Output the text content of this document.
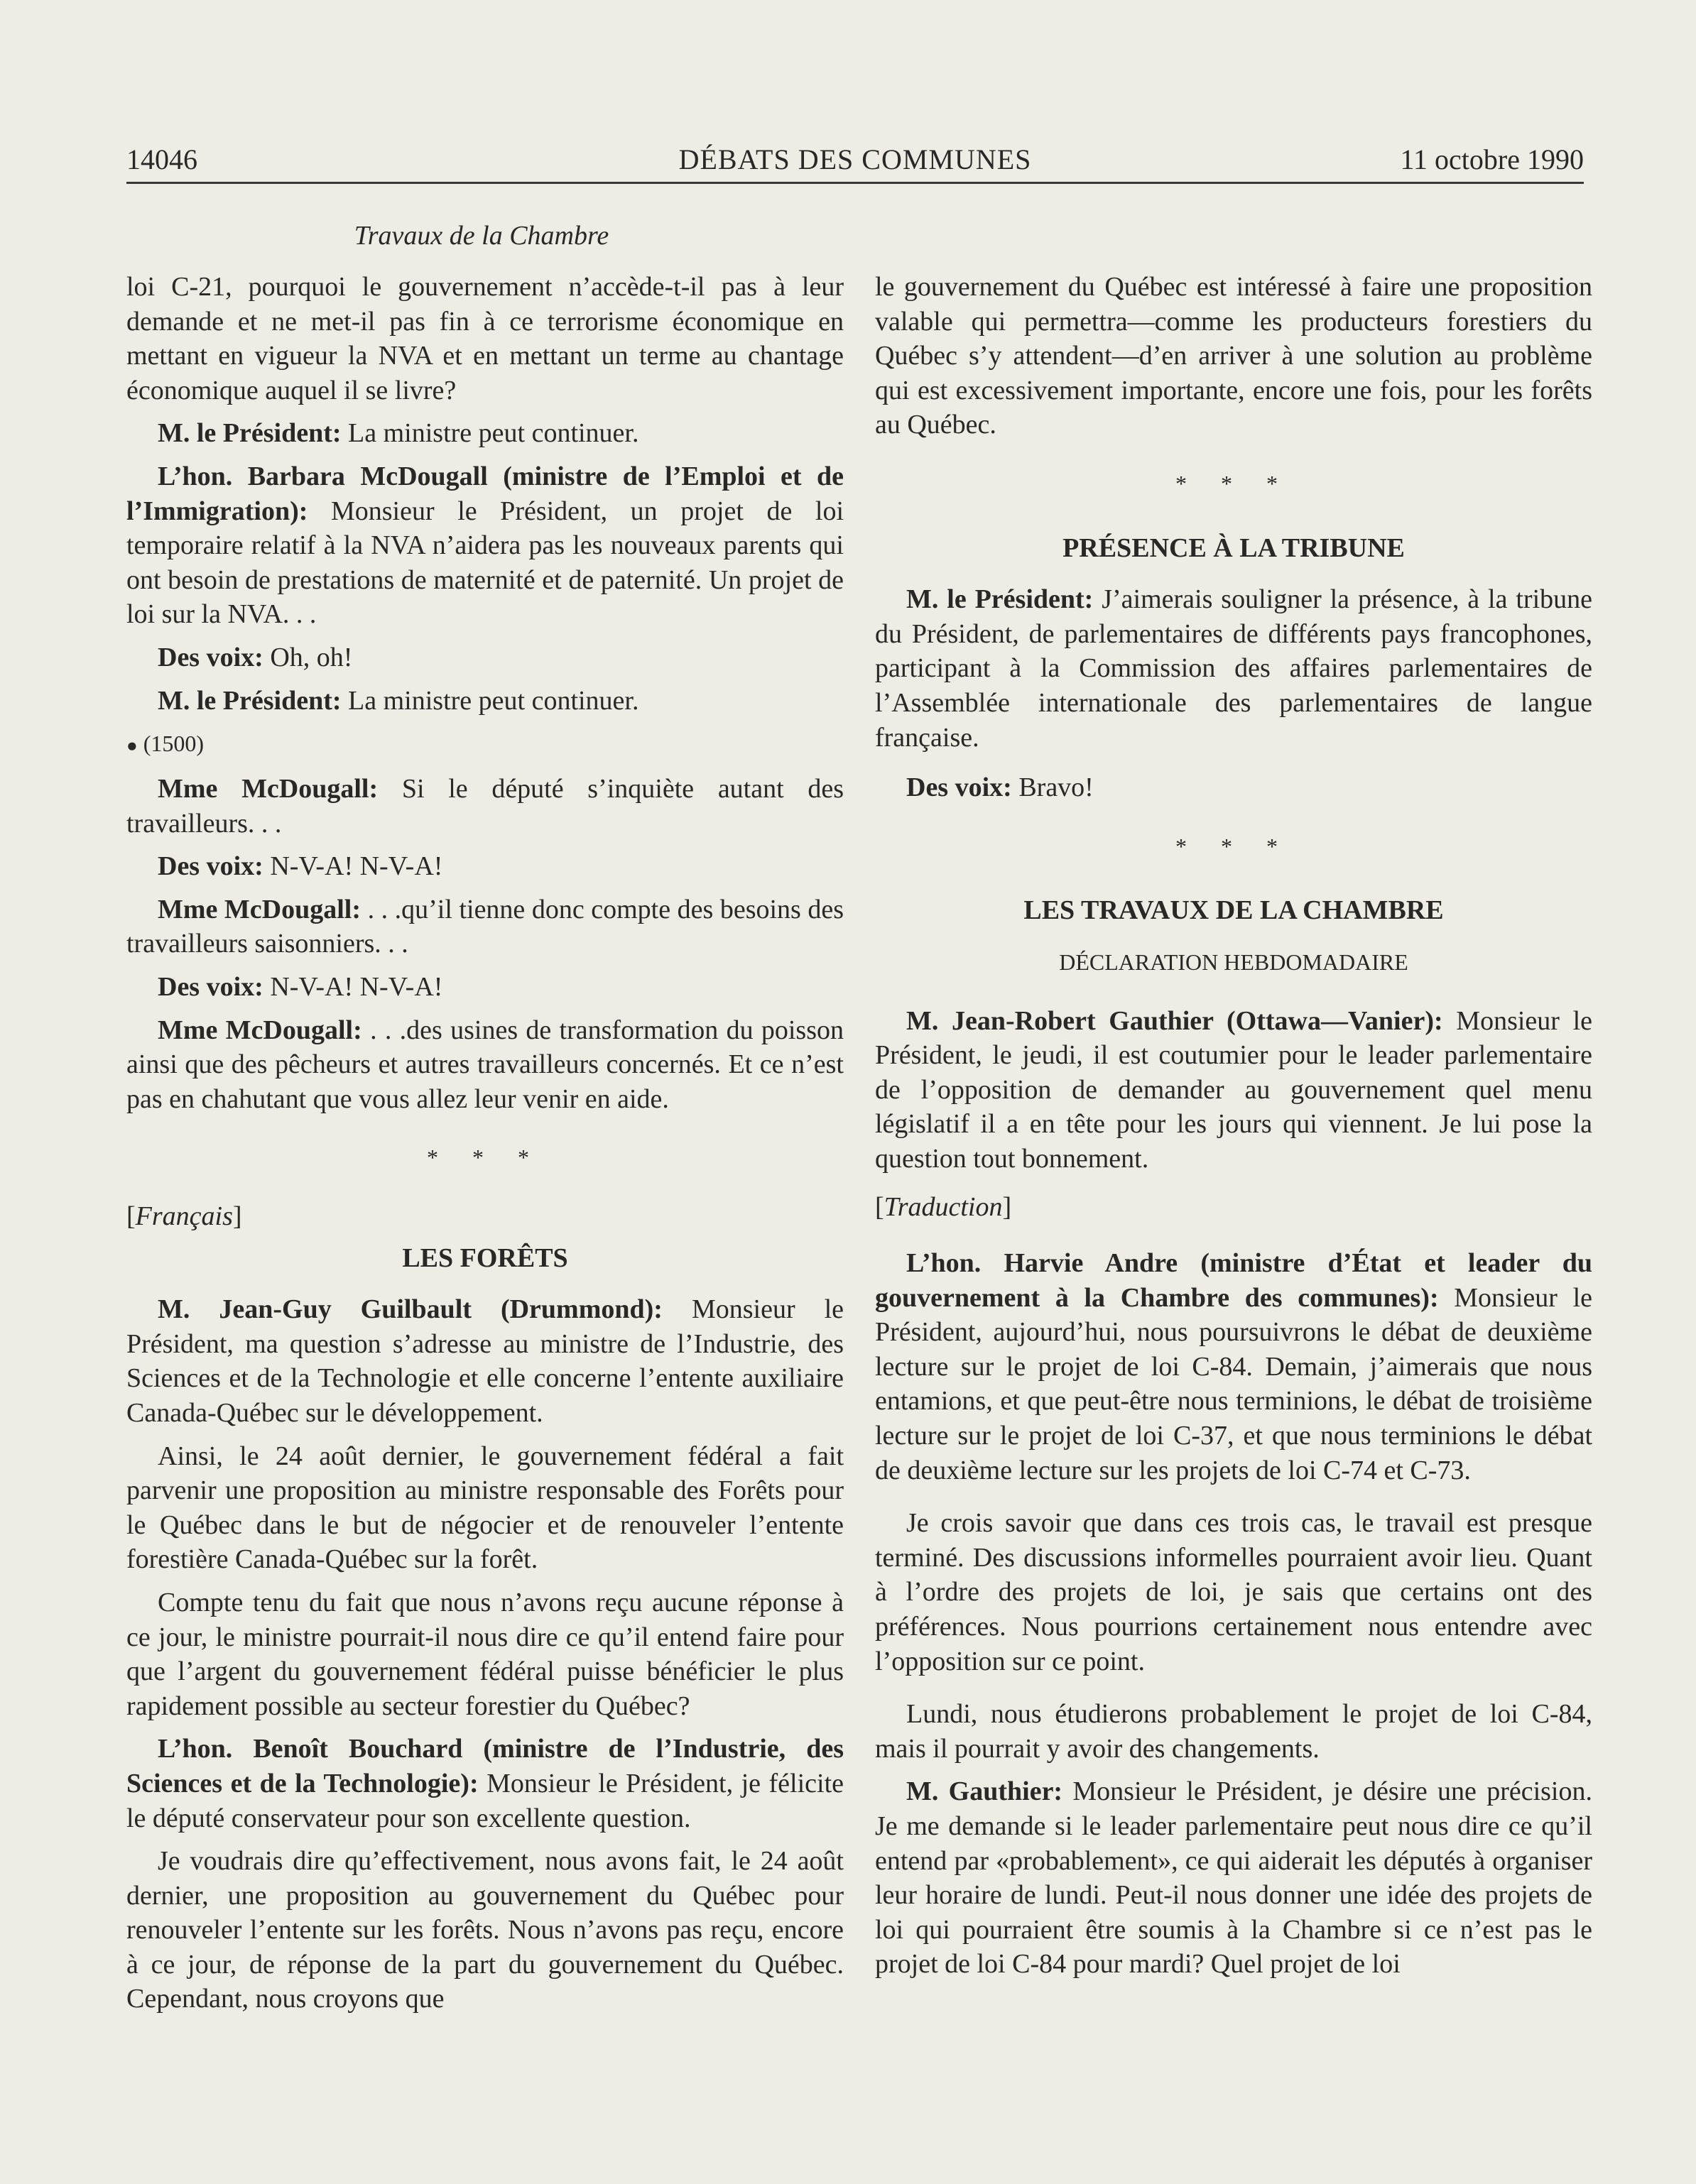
14046	DÉBATS DES COMMUNES	11 octobre 1990
Travaux de la Chambre

loi C-21, pourquoi le gouvernement n’accède-t-il pas à leur demande et ne met-il pas fin à ce terrorisme économique en mettant en vigueur la NVA et en mettant un terme au chantage économique auquel il se livre?

M. le Président: La ministre peut continuer.

L’hon. Barbara McDougall (ministre de l’Emploi et de l’Immigration): Monsieur le Président, un projet de loi temporaire relatif à la NVA n’aidera pas les nouveaux parents qui ont besoin de prestations de maternité et de paternité. Un projet de loi sur la NVA. . .

Des voix: Oh, oh!

M. le Président: La ministre peut continuer.

● (1500)

Mme McDougall: Si le député s’inquiète autant des travailleurs. . .

Des voix: N-V-A! N-V-A!

Mme McDougall: . . .qu’il tienne donc compte des besoins des travailleurs saisonniers. . .

Des voix: N-V-A! N-V-A!

Mme McDougall: . . .des usines de transformation du poisson ainsi que des pêcheurs et autres travailleurs concernés. Et ce n’est pas en chahutant que vous allez leur venir en aide.

* * *

[Français]

LES FORÊTS

M. Jean-Guy Guilbault (Drummond): Monsieur le Président, ma question s’adresse au ministre de l’Industrie, des Sciences et de la Technologie et elle concerne l’entente auxiliaire Canada-Québec sur le développement.

Ainsi, le 24 août dernier, le gouvernement fédéral a fait parvenir une proposition au ministre responsable des Forêts pour le Québec dans le but de négocier et de renouveler l’entente forestière Canada-Québec sur la forêt.

Compte tenu du fait que nous n’avons reçu aucune réponse à ce jour, le ministre pourrait-il nous dire ce qu’il entend faire pour que l’argent du gouvernement fédéral puisse bénéficier le plus rapidement possible au secteur forestier du Québec?

L’hon. Benoît Bouchard (ministre de l’Industrie, des Sciences et de la Technologie): Monsieur le Président, je félicite le député conservateur pour son excellente question.

Je voudrais dire qu’effectivement, nous avons fait, le 24 août dernier, une proposition au gouvernement du Québec pour renouveler l’entente sur les forêts. Nous n’avons pas reçu, encore à ce jour, de réponse de la part du gouvernement du Québec. Cependant, nous croyons que

le gouvernement du Québec est intéressé à faire une proposition valable qui permettra—comme les producteurs forestiers du Québec s’y attendent—d’en arriver à une solution au problème qui est excessivement importante, encore une fois, pour les forêts au Québec.

* * *

PRÉSENCE À LA TRIBUNE

M. le Président: J’aimerais souligner la présence, à la tribune du Président, de parlementaires de différents pays francophones, participant à la Commission des affaires parlementaires de l’Assemblée internationale des parlementaires de langue française.

Des voix: Bravo!

* * *

LES TRAVAUX DE LA CHAMBRE

DÉCLARATION HEBDOMADAIRE

M. Jean-Robert Gauthier (Ottawa—Vanier): Monsieur le Président, le jeudi, il est coutumier pour le leader parlementaire de l’opposition de demander au gouvernement quel menu législatif il a en tête pour les jours qui viennent. Je lui pose la question tout bonnement.

[Traduction]

L’hon. Harvie Andre (ministre d’État et leader du gouvernement à la Chambre des communes): Monsieur le Président, aujourd’hui, nous poursuivrons le débat de deuxième lecture sur le projet de loi C-84. Demain, j’aimerais que nous entamions, et que peut-être nous terminions, le débat de troisième lecture sur le projet de loi C-37, et que nous terminions le débat de deuxième lecture sur les projets de loi C-74 et C-73.

Je crois savoir que dans ces trois cas, le travail est presque terminé. Des discussions informelles pourraient avoir lieu. Quant à l’ordre des projets de loi, je sais que certains ont des préférences. Nous pourrions certainement nous entendre avec l’opposition sur ce point.

Lundi, nous étudierons probablement le projet de loi C-84, mais il pourrait y avoir des changements.

M. Gauthier: Monsieur le Président, je désire une précision. Je me demande si le leader parlementaire peut nous dire ce qu’il entend par «probablement», ce qui aiderait les députés à organiser leur horaire de lundi. Peut-il nous donner une idée des projets de loi qui pourraient être soumis à la Chambre si ce n’est pas le projet de loi C-84 pour mardi? Quel projet de loi
